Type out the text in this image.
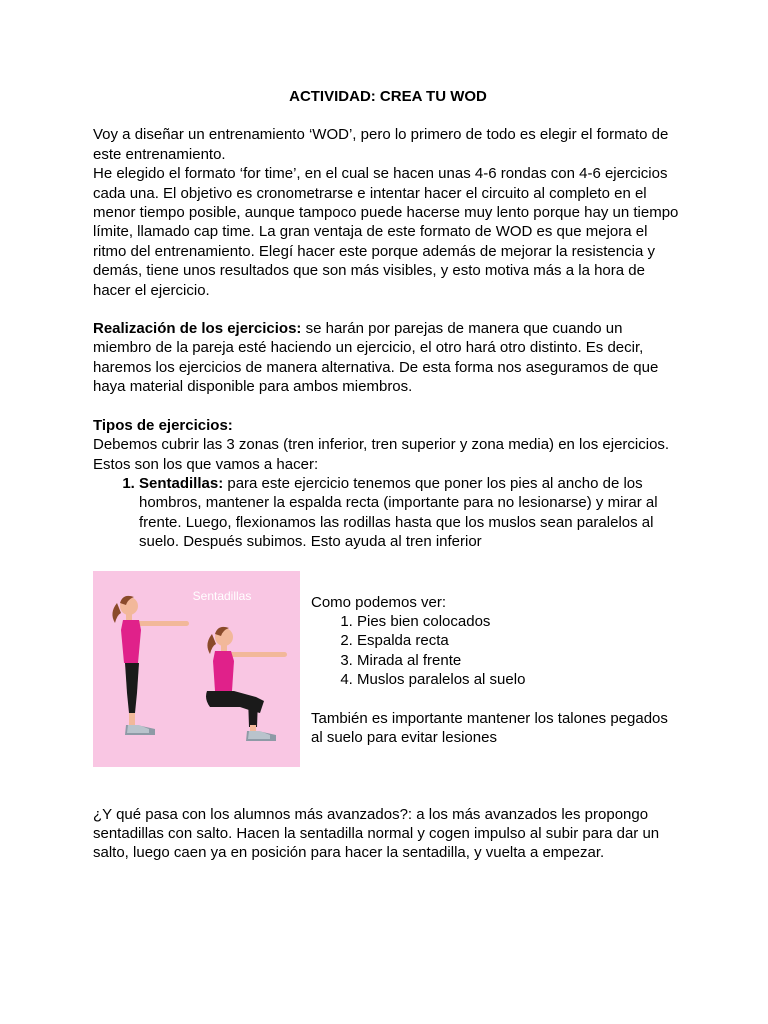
ACTIVIDAD: CREA TU WOD

Voy a diseñar un entrenamiento ‘WOD’, pero lo primero de todo es elegir el formato de este entrenamiento.

He elegido el formato ‘for time’, en el cual se hacen unas 4-6 rondas con 4-6 ejercicios cada una. El objetivo es cronometrarse e intentar hacer el circuito al completo en el menor tiempo posible, aunque tampoco puede hacerse muy lento porque hay un tiempo límite, llamado cap time. La gran ventaja de este formato de WOD es que mejora el ritmo del entrenamiento. Elegí hacer este porque además de mejorar la resistencia y demás, tiene unos resultados que son más visibles, y esto motiva más a la hora de hacer el ejercicio.

Realización de los ejercicios: se harán por parejas de manera que cuando un miembro de la pareja esté haciendo un ejercicio, el otro hará otro distinto. Es decir, haremos los ejercicios de manera alternativa. De esta forma nos aseguramos de que haya material disponible para ambos miembros.

Tipos de ejercicios:

Debemos cubrir las 3 zonas (tren inferior, tren superior y zona media) en los ejercicios.

Estos son los que vamos a hacer:

1. Sentadillas: para este ejercicio tenemos que poner los pies al ancho de los hombros, mantener la espalda recta (importante para no lesionarse) y mirar al frente. Luego, flexionamos las rodillas hasta que los muslos sean paralelos al suelo. Después subimos. Esto ayuda al tren inferior
Sentadillas	Como podemos ver:

1. Pies bien colocados
2. Espalda recta
3. Mirada al frente
4. Muslos paralelos al suelo

También es importante mantener los talones pegados al suelo para evitar lesiones

¿Y qué pasa con los alumnos más avanzados?: a los más avanzados les propongo sentadillas con salto. Hacen la sentadilla normal y cogen impulso al subir para dar un salto, luego caen ya en posición para hacer la sentadilla, y vuelta a empezar.
